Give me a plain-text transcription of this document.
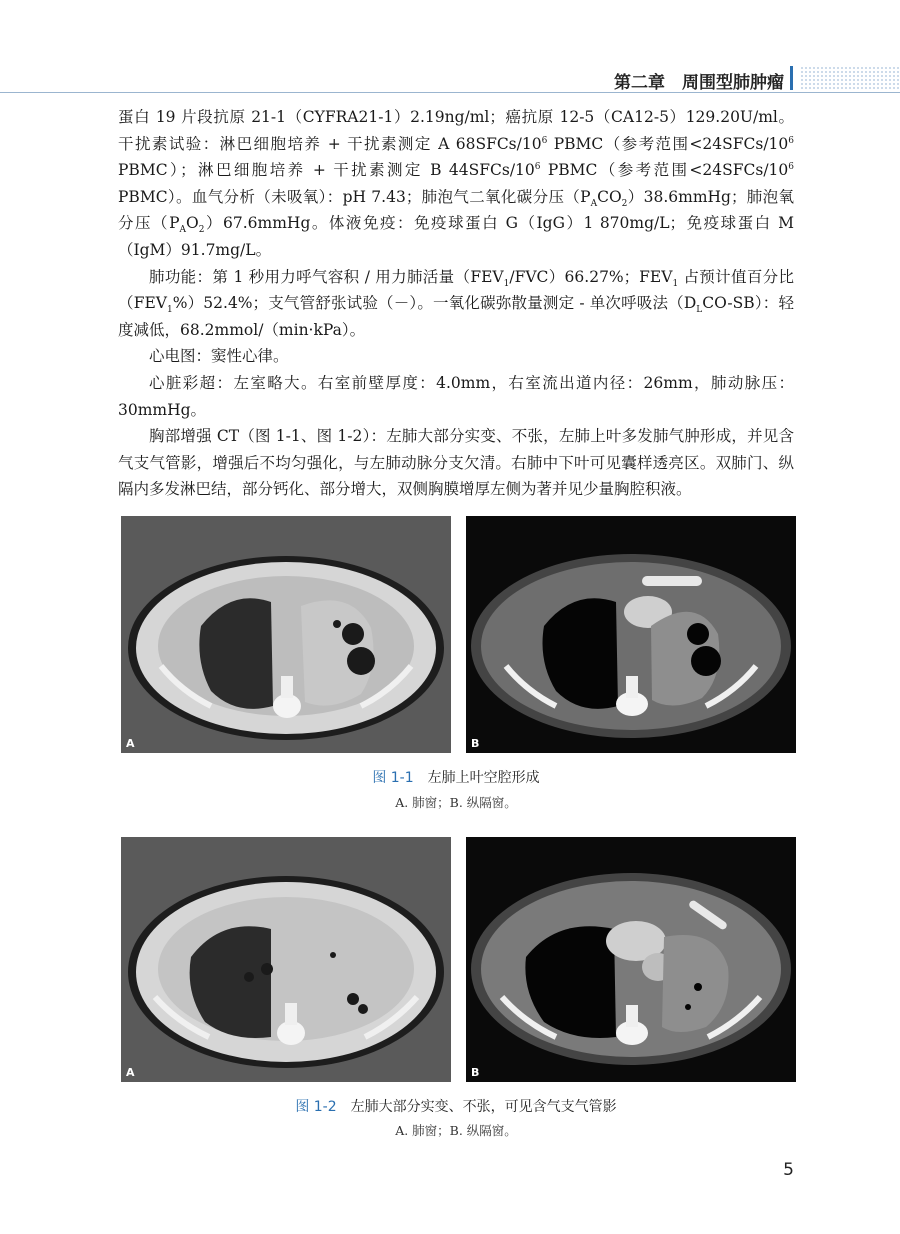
第二章　周围型肺肿瘤

蛋白 19 片段抗原 21-1（CYFRA21-1）2.19ng/ml；癌抗原 12-5（CA12-5）129.20U/ml。干扰素试验：淋巴细胞培养 + 干扰素测定 A $68SFCs/10^6$ PBMC（参考范围$<24SFCs/10^6$ PBMC）；淋巴细胞培养 + 干扰素测定 B $44SFCs/10^6$ PBMC（参考范围$<24SFCs/10^6$ PBMC）。血气分析（未吸氧）：pH 7.43；肺泡气二氧化碳分压$(P_ACO_2)38.6mmHg$；肺泡氧分压$(P_AO_2)67.6mmHg$。体液免疫：免疫球蛋白 G（IgG）1 870mg/L；免疫球蛋白 M（IgM）91.7mg/L。

肺功能：第 1 秒用力呼气容积 / 用力肺活量$(FEV_1/FVC)66.27\%$；$FEV_1$ 占预计值百分比$(FEV_1\%)52.4\%$；支气管舒张试验（－）。一氧化碳弥散量测定 - 单次呼吸法$(D_LCO-SB)$：轻度减低，68.2mmol/（min·kPa）。

心电图：窦性心律。

心脏彩超：左室略大。右室前壁厚度：4.0mm，右室流出道内径：26mm，肺动脉压：30mmHg。

胸部增强 CT（图 1-1、图 1-2）：左肺大部分实变、不张，左肺上叶多发肺气肿形成，并见含气支气管影，增强后不均匀强化，与左肺动脉分支欠清。右肺中下叶可见囊样透亮区。双肺门、纵隔内多发淋巴结，部分钙化、部分增大，双侧胸膜增厚左侧为著并见少量胸腔积液。

A	B
图 1-1 左肺上叶空腔形成
A. 肺窗；B. 纵隔窗。
A	B
图 1-2 左肺大部分实变、不张，可见含气支气管影
A. 肺窗；B. 纵隔窗。
5
